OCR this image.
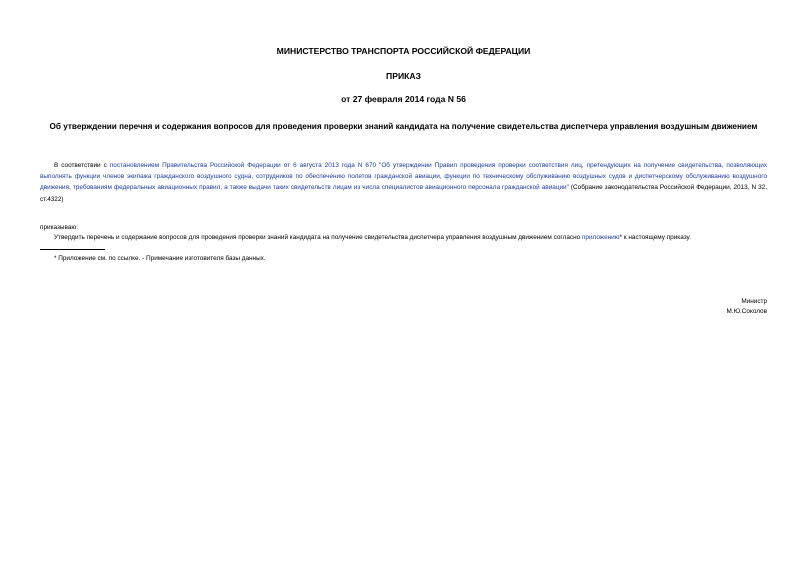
МИНИСТЕРСТВО ТРАНСПОРТА РОССИЙСКОЙ ФЕДЕРАЦИИ
ПРИКАЗ
от 27 февраля 2014 года N 56
Об утверждении перечня и содержания вопросов для проведения проверки знаний кандидата на получение свидетельства диспетчера управления воздушным движением
В соответствии с постановлением Правительства Российской Федерации от 6 августа 2013 года N 670 "Об утверждении Правил проведения проверки соответствия лиц, претендующих на получение свидетельства, позволяющих выполнять функции членов экипажа гражданского воздушного судна, сотрудников по обеспечению полетов гражданской авиации, функции по техническому обслуживанию воздушных судов и диспетчерскому обслуживанию воздушного движения, требованиям федеральных авиационных правил, а также выдачи таких свидетельств лицам из числа специалистов авиационного персонала гражданской авиации" (Собрание законодательства Российской Федерации, 2013, N 32, ст.4322)
приказываю:
Утвердить перечень и содержание вопросов для проведения проверки знаний кандидата на получение свидетельства диспетчера управления воздушным движением согласно приложению* к настоящему приказу.
* Приложение см. по ссылке. - Примечание изготовителя базы данных.
Министр
М.Ю.Соколов
